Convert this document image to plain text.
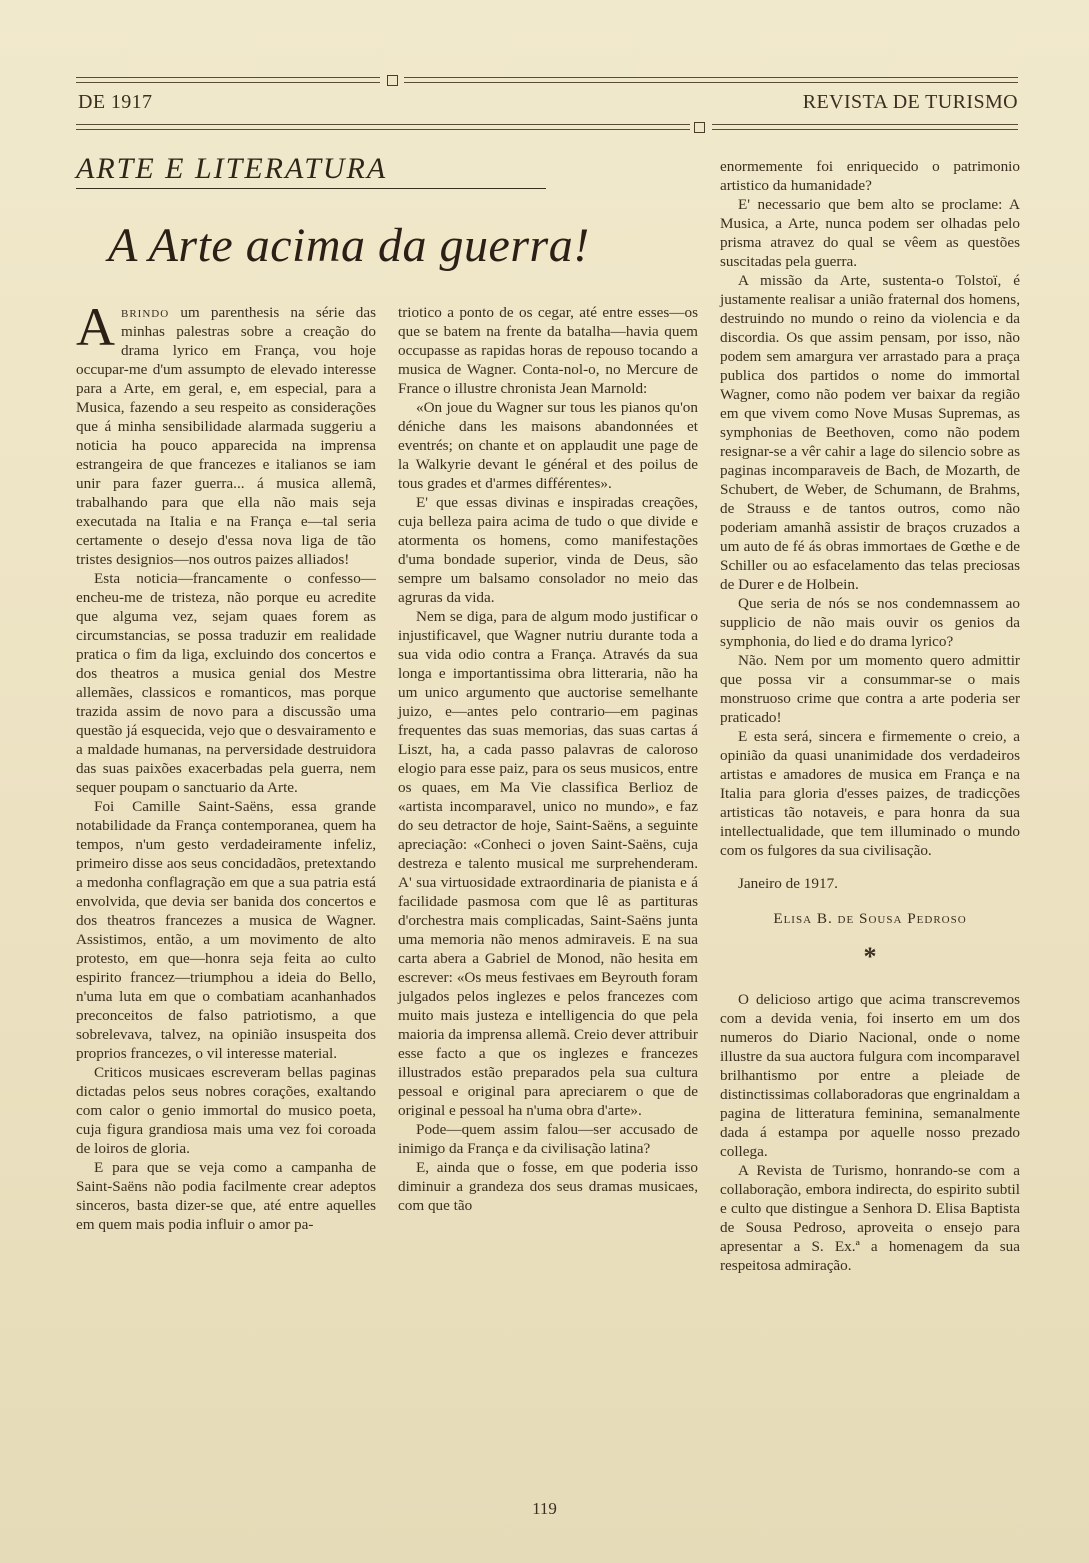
DE 1917	REVISTA DE TURISMO
ARTE E LITERATURA
A Arte acima da guerra!

Abrindo um parenthesis na série das minhas palestras sobre a creação do drama lyrico em França, vou hoje occupar-me d'um assumpto de elevado interesse para a Arte, em geral, e, em especial, para a Musica, fazendo a seu respeito as considerações que á minha sensibilidade alarmada suggeriu a noticia ha pouco apparecida na imprensa estrangeira de que francezes e italianos se iam unir para fazer guerra... á musica allemã, trabalhando para que ella não mais seja executada na Italia e na França e—tal seria certamente o desejo d'essa nova liga de tão tristes designios—nos outros paizes alliados!

Esta noticia—francamente o confesso—encheu-me de tristeza, não porque eu acredite que alguma vez, sejam quaes forem as circumstancias, se possa traduzir em realidade pratica o fim da liga, excluindo dos concertos e dos theatros a musica genial dos Mestre allemães, classicos e romanticos, mas porque trazida assim de novo para a discussão uma questão já esquecida, vejo que o desvairamento e a maldade humanas, na perversidade destruidora das suas paixões exacerbadas pela guerra, nem sequer poupam o sanctuario da Arte.

Foi Camille Saint-Saëns, essa grande notabilidade da França contemporanea, quem ha tempos, n'um gesto verdadeiramente infeliz, primeiro disse aos seus concidadãos, pretextando a medonha conflagração em que a sua patria está envolvida, que devia ser banida dos concertos e dos theatros francezes a musica de Wagner. Assistimos, então, a um movimento de alto protesto, em que—honra seja feita ao culto espirito francez—triumphou a ideia do Bello, n'uma luta em que o combatiam acanhanhados preconceitos de falso patriotismo, a que sobrelevava, talvez, na opinião insuspeita dos proprios francezes, o vil interesse material.

Criticos musicaes escreveram bellas paginas dictadas pelos seus nobres corações, exaltando com calor o genio immortal do musico poeta, cuja figura grandiosa mais uma vez foi coroada de loiros de gloria.

E para que se veja como a campanha de Saint-Saëns não podia facilmente crear adeptos sinceros, basta dizer-se que, até entre aquelles em quem mais podia influir o amor pa-

triotico a ponto de os cegar, até entre esses—os que se batem na frente da batalha—havia quem occupasse as rapidas horas de repouso tocando a musica de Wagner. Conta-nol-o, no Mercure de France o illustre chronista Jean Marnold:

«On joue du Wagner sur tous les pianos qu'on déniche dans les maisons abandonnées et eventrés; on chante et on applaudit une page de la Walkyrie devant le général et des poilus de tous grades et d'armes différentes».

E' que essas divinas e inspiradas creações, cuja belleza paira acima de tudo o que divide e atormenta os homens, como manifestações d'uma bondade superior, vinda de Deus, são sempre um balsamo consolador no meio das agruras da vida.

Nem se diga, para de algum modo justificar o injustificavel, que Wagner nutriu durante toda a sua vida odio contra a França. Através da sua longa e importantissima obra litteraria, não ha um unico argumento que auctorise semelhante juizo, e—antes pelo contrario—em paginas frequentes das suas memorias, das suas cartas á Liszt, ha, a cada passo palavras de caloroso elogio para esse paiz, para os seus musicos, entre os quaes, em Ma Vie classifica Berlioz de «artista incomparavel, unico no mundo», e faz do seu detractor de hoje, Saint-Saëns, a seguinte apreciação: «Conheci o joven Saint-Saëns, cuja destreza e talento musical me surprehenderam. A' sua virtuosidade extraordinaria de pianista e á facilidade pasmosa com que lê as partituras d'orchestra mais complicadas, Saint-Saëns junta uma memoria não menos admiraveis. E na sua carta abera a Gabriel de Monod, não hesita em escrever: «Os meus festivaes em Beyrouth foram julgados pelos inglezes e pelos francezes com muito mais justeza e intelligencia do que pela maioria da imprensa allemã. Creio dever attribuir esse facto a que os inglezes e francezes illustrados estão preparados pela sua cultura pessoal e original para apreciarem o que de original e pessoal ha n'uma obra d'arte».

Pode—quem assim falou—ser accusado de inimigo da França e da civilisação latina?

E, ainda que o fosse, em que poderia isso diminuir a grandeza dos seus dramas musicaes, com que tão

enormemente foi enriquecido o patrimonio artistico da humanidade?

E' necessario que bem alto se proclame: A Musica, a Arte, nunca podem ser olhadas pelo prisma atravez do qual se vêem as questões suscitadas pela guerra.

A missão da Arte, sustenta-o Tolstoï, é justamente realisar a união fraternal dos homens, destruindo no mundo o reino da violencia e da discordia. Os que assim pensam, por isso, não podem sem amargura ver arrastado para a praça publica dos partidos o nome do immortal Wagner, como não podem ver baixar da região em que vivem como Nove Musas Supremas, as symphonias de Beethoven, como não podem resignar-se a vêr cahir a lage do silencio sobre as paginas incomparaveis de Bach, de Mozarth, de Schubert, de Weber, de Schumann, de Brahms, de Strauss e de tantos outros, como não poderiam amanhã assistir de braços cruzados a um auto de fé ás obras immortaes de Gœthe e de Schiller ou ao esfacelamento das telas preciosas de Durer e de Holbein.

Que seria de nós se nos condemnassem ao supplicio de não mais ouvir os genios da symphonia, do lied e do drama lyrico?

Não. Nem por um momento quero admittir que possa vir a consummar-se o mais monstruoso crime que contra a arte poderia ser praticado!

E esta será, sincera e firmemente o creio, a opinião da quasi unanimidade dos verdadeiros artistas e amadores de musica em França e na Italia para gloria d'esses paizes, de tradicções artisticas tão notaveis, e para honra da sua intellectualidade, que tem illuminado o mundo com os fulgores da sua civilisação.

Janeiro de 1917.

Elisa B. de Sousa Pedroso

*

O delicioso artigo que acima transcrevemos com a devida venia, foi inserto em um dos numeros do Diario Nacional, onde o nome illustre da sua auctora fulgura com incomparavel brilhantismo por entre a pleiade de distinctissimas collaboradoras que engrinaldam a pagina de litteratura feminina, semanalmente dada á estampa por aquelle nosso prezado collega.

A Revista de Turismo, honrando-se com a collaboração, embora indirecta, do espirito subtil e culto que distingue a Senhora D. Elisa Baptista de Sousa Pedroso, aproveita o ensejo para apresentar a S. Ex.ª a homenagem da sua respeitosa admiração.

119
